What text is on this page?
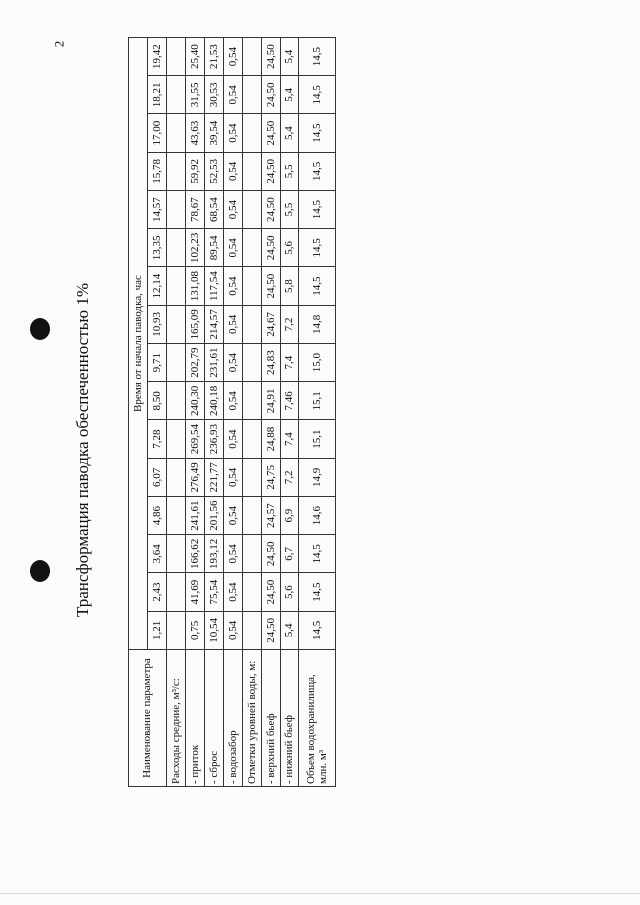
2
Трансформация паводка обеспеченностью 1%
Наименование параметра	Время от начала паводка, час															
	1,21	2,43	3,64	4,86	6,07	7,28	8,50	9,71	10,93	12,14	13,35	14,57	15,78	17,00	18,21	19,42
Расходы средние, м³/с:																
- приток	0,75	41,69	166,62	241,61	276,49	269,54	240,30	202,79	165,09	131,08	102,23	78,67	59,92	43,63	31,55	25,40
- сброс	10,54	75,54	193,12	201,56	221,77	236,93	240,18	231,61	214,57	117,54	89,54	68,54	52,53	39,54	30,53	21,53
- водозабор	0,54	0,54	0,54	0,54	0,54	0,54	0,54	0,54	0,54	0,54	0,54	0,54	0,54	0,54	0,54	0,54
Отметки уровней воды, м:																
- верхний бьеф	24,50	24,50	24,50	24,57	24,75	24,88	24,91	24,83	24,67	24,50	24,50	24,50	24,50	24,50	24,50	24,50
- нижний бьеф	5,4	5,6	6,7	6,9	7,2	7,4	7,46	7,4	7,2	5,8	5,6	5,5	5,5	5,4	5,4	5,4
Объем водохранилища, млн. м³	14,5	14,5	14,5	14,6	14,9	15,1	15,1	15,0	14,8	14,5	14,5	14,5	14,5	14,5	14,5	14,5
